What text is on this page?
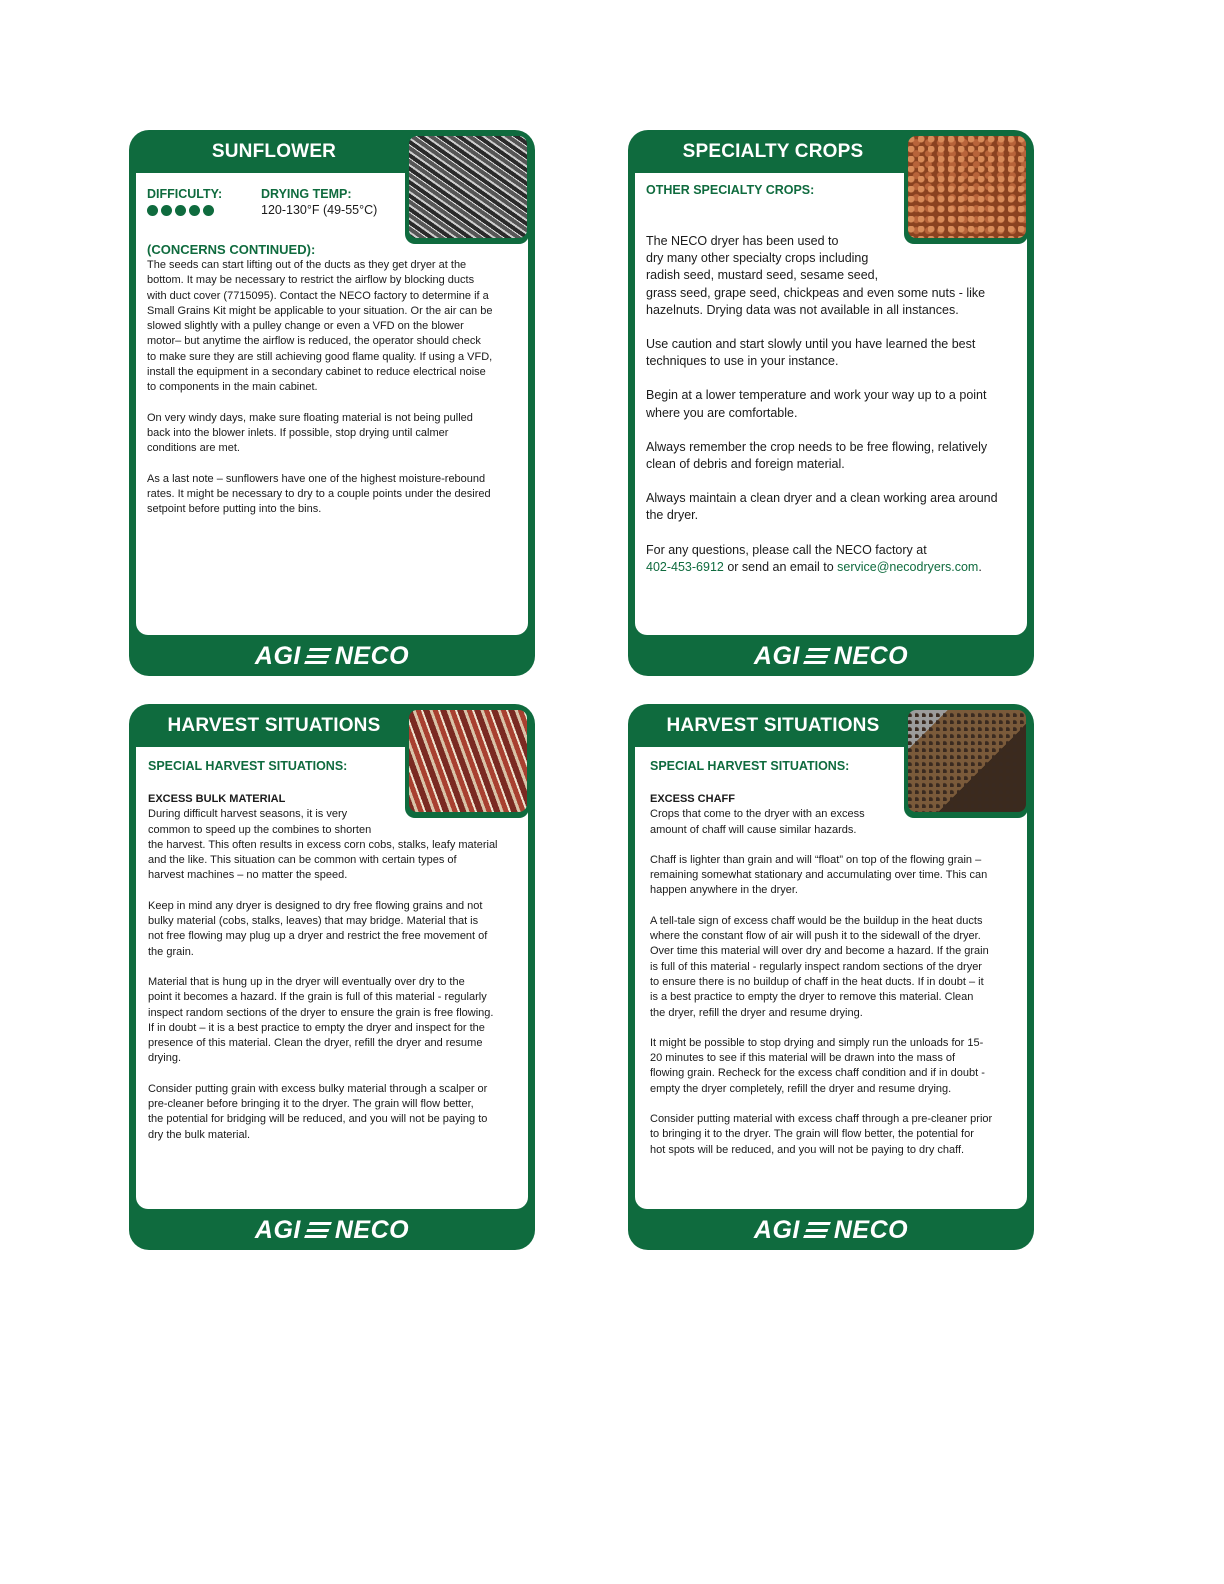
SUNFLOWER
DIFFICULTY:	DRYING TEMP:
120-130°F (49-55°C)
(CONCERNS CONTINUED):

The seeds can start lifting out of the ducts as they get dryer at the
bottom. It may be necessary to restrict the airflow by blocking ducts
with duct cover (7715095). Contact the NECO factory to determine if a
Small Grains Kit might be applicable to your situation. Or the air can be
slowed slightly with a pulley change or even a VFD on the blower
motor– but anytime the airflow is reduced, the operator should check
to make sure they are still achieving good flame quality. If using a VFD,
install the equipment in a secondary cabinet to reduce electrical noise
to components in the main cabinet.

On very windy days, make sure floating material is not being pulled
back into the blower inlets. If possible, stop drying until calmer
conditions are met.

As a last note – sunflowers have one of the highest moisture-rebound
rates. It might be necessary to dry to a couple points under the desired
setpoint before putting into the bins.

AGI NECO
SPECIALTY CROPS
OTHER SPECIALTY CROPS:

The NECO dryer has been used to
dry many other specialty crops including
radish seed, mustard seed, sesame seed,
grass seed, grape seed, chickpeas and even some nuts - like
hazelnuts. Drying data was not available in all instances.

Use caution and start slowly until you have learned the best
techniques to use in your instance.

Begin at a lower temperature and work your way up to a point
where you are comfortable.

Always remember the crop needs to be free flowing, relatively
clean of debris and foreign material.

Always maintain a clean dryer and a clean working area around
the dryer.

For any questions, please call the NECO factory at
402-453-6912 or send an email to service@necodryers.com.

AGI NECO
HARVEST SITUATIONS
SPECIAL HARVEST SITUATIONS:

EXCESS BULK MATERIAL

During difficult harvest seasons, it is very
common to speed up the combines to shorten
the harvest. This often results in excess corn cobs, stalks, leafy material
and the like. This situation can be common with certain types of
harvest machines – no matter the speed.

Keep in mind any dryer is designed to dry free flowing grains and not
bulky material (cobs, stalks, leaves) that may bridge. Material that is
not free flowing may plug up a dryer and restrict the free movement of
the grain.

Material that is hung up in the dryer will eventually over dry to the
point it becomes a hazard. If the grain is full of this material - regularly
inspect random sections of the dryer to ensure the grain is free flowing.
If in doubt – it is a best practice to empty the dryer and inspect for the
presence of this material. Clean the dryer, refill the dryer and resume
drying.

Consider putting grain with excess bulky material through a scalper or
pre-cleaner before bringing it to the dryer. The grain will flow better,
the potential for bridging will be reduced, and you will not be paying to
dry the bulk material.

AGI NECO
HARVEST SITUATIONS
SPECIAL HARVEST SITUATIONS:

EXCESS CHAFF

Crops that come to the dryer with an excess
amount of chaff will cause similar hazards.

Chaff is lighter than grain and will “float” on top of the flowing grain –
remaining somewhat stationary and accumulating over time. This can
happen anywhere in the dryer.

A tell-tale sign of excess chaff would be the buildup in the heat ducts
where the constant flow of air will push it to the sidewall of the dryer.
Over time this material will over dry and become a hazard. If the grain
is full of this material - regularly inspect random sections of the dryer
to ensure there is no buildup of chaff in the heat ducts. If in doubt – it
is a best practice to empty the dryer to remove this material. Clean
the dryer, refill the dryer and resume drying.

It might be possible to stop drying and simply run the unloads for 15-
20 minutes to see if this material will be drawn into the mass of
flowing grain. Recheck for the excess chaff condition and if in doubt -
empty the dryer completely, refill the dryer and resume drying.

Consider putting material with excess chaff through a pre-cleaner prior
to bringing it to the dryer. The grain will flow better, the potential for
hot spots will be reduced, and you will not be paying to dry chaff.

AGI NECO
